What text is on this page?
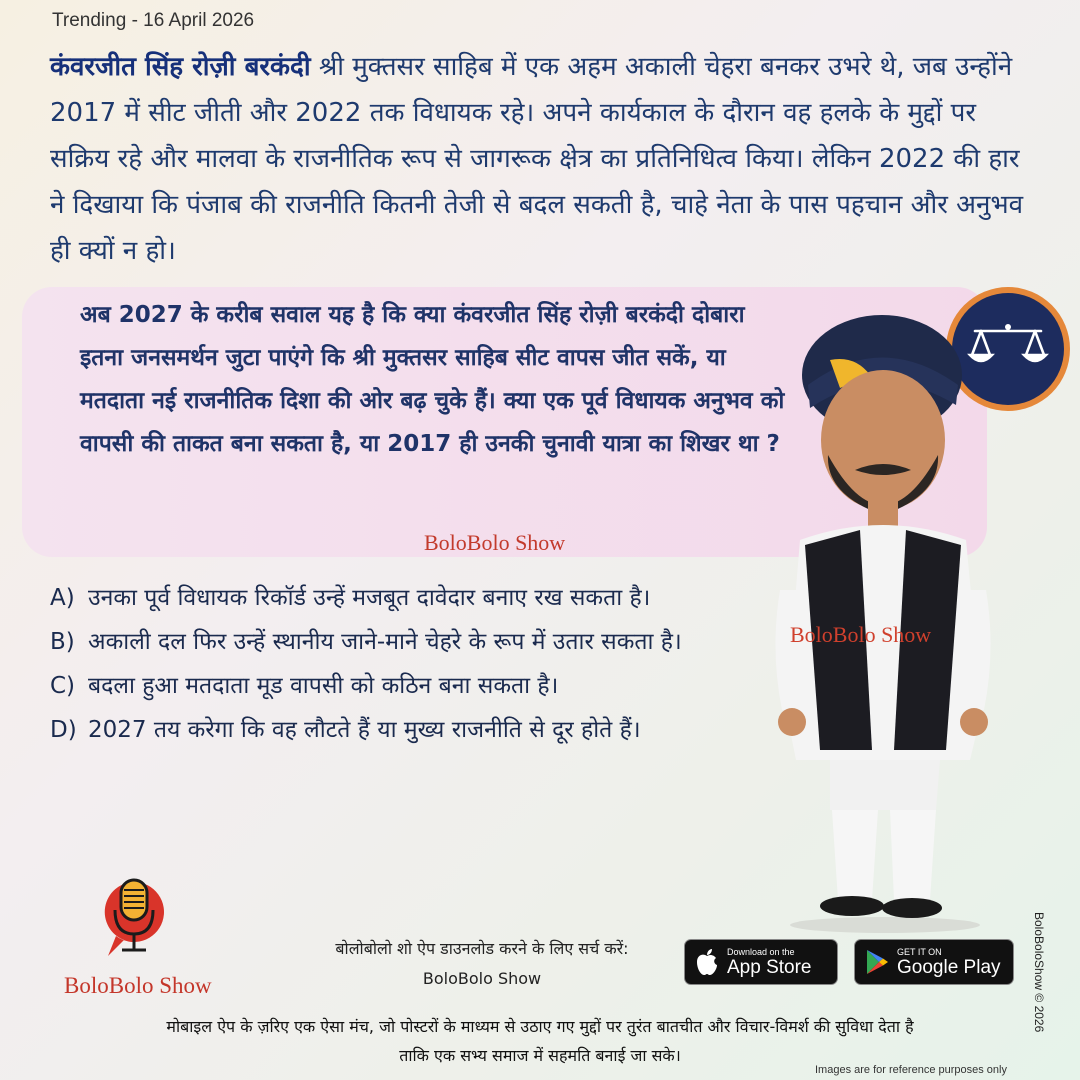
Trending - 16 April 2026

कंवरजीत सिंह रोज़ी बरकंदी श्री मुक्तसर साहिब में एक अहम अकाली चेहरा बनकर उभरे थे, जब उन्होंने 2017 में सीट जीती और 2022 तक विधायक रहे। अपने कार्यकाल के दौरान वह हलके के मुद्दों पर सक्रिय रहे और मालवा के राजनीतिक रूप से जागरूक क्षेत्र का प्रतिनिधित्व किया। लेकिन 2022 की हार ने दिखाया कि पंजाब की राजनीति कितनी तेजी से बदल सकती है, चाहे नेता के पास पहचान और अनुभव ही क्यों न हो।

अब 2027 के करीब सवाल यह है कि क्या कंवरजीत सिंह रोज़ी बरकंदी दोबारा इतना जनसमर्थन जुटा पाएंगे कि श्री मुक्तसर साहिब सीट वापस जीत सकें, या मतदाता नई राजनीतिक दिशा की ओर बढ़ चुके हैं। क्या एक पूर्व विधायक अनुभव को वापसी की ताकत बना सकता है, या 2017 ही उनकी चुनावी यात्रा का शिखर था ?

BoloBolo Show
BoloBolo Show
A) उनका पूर्व विधायक रिकॉर्ड उन्हें मजबूत दावेदार बनाए रख सकता है।
B) अकाली दल फिर उन्हें स्थानीय जाने-माने चेहरे के रूप में उतार सकता है।
C) बदला हुआ मतदाता मूड वापसी को कठिन बना सकता है।
D) 2027 तय करेगा कि वह लौटते हैं या मुख्य राजनीति से दूर होते हैं।
BoloBolo Show
बोलोबोलो शो ऐप डाउनलोड करने के लिए सर्च करें:
BoloBolo Show
Download on the
App Store
GET IT ON
Google Play
मोबाइल ऐप के ज़रिए एक ऐसा मंच, जो पोस्टरों के माध्यम से उठाए गए मुद्दों पर तुरंत बातचीत और विचार-विमर्श की सुविधा देता है
ताकि एक सभ्य समाज में सहमति बनाई जा सके।
Images are for reference purposes only
BoloBoloShow © 2026
